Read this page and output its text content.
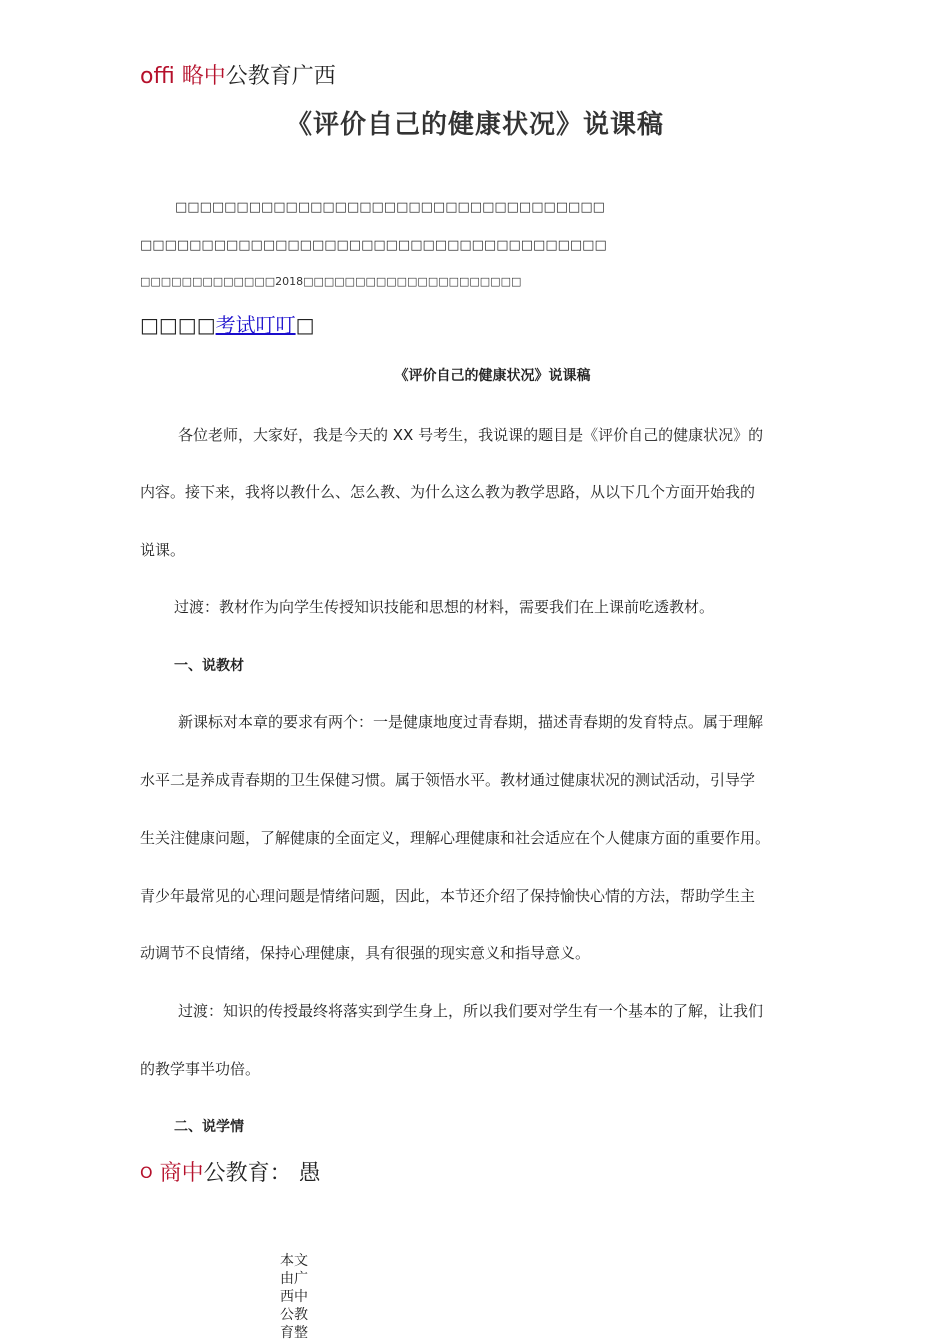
offi 略中公教育广西
《评价自己的健康状况》说课稿
□□□□□□□□□□□□□□□□□□□□□□□□□□□□□□□□□□□
□□□□□□□□□□□□□□□□□□□□□□□□□□□□□□□□□□□□□□
□□□□□□□□□□□□□2018□□□□□□□□□□□□□□□□□□□□□
□□□□考试叮叮□
《评价自己的健康状况》说课稿
各位老师，大家好，我是今天的 XX 号考生，我说课的题目是《评价自己的健康状况》的
内容。接下来，我将以教什么、怎么教、为什么这么教为教学思路，从以下几个方面开始我的
说课。
过渡：教材作为向学生传授知识技能和思想的材料，需要我们在上课前吃透教材。
一、说教材
新课标对本章的要求有两个：一是健康地度过青春期，描述青春期的发育特点。属于理解
水平二是养成青春期的卫生保健习惯。属于领悟水平。教材通过健康状况的测试活动，引导学
生关注健康问题，了解健康的全面定义，理解心理健康和社会适应在个人健康方面的重要作用。
青少年最常见的心理问题是情绪问题，因此，本节还介绍了保持愉快心情的方法，帮助学生主
动调节不良情绪，保持心理健康，具有很强的现实意义和指导意义。
过渡：知识的传授最终将落实到学生身上，所以我们要对学生有一个基本的了解，让我们
的教学事半功倍。
二、说学情
O 商中公教育： 愚
本文由广西中公教育整
